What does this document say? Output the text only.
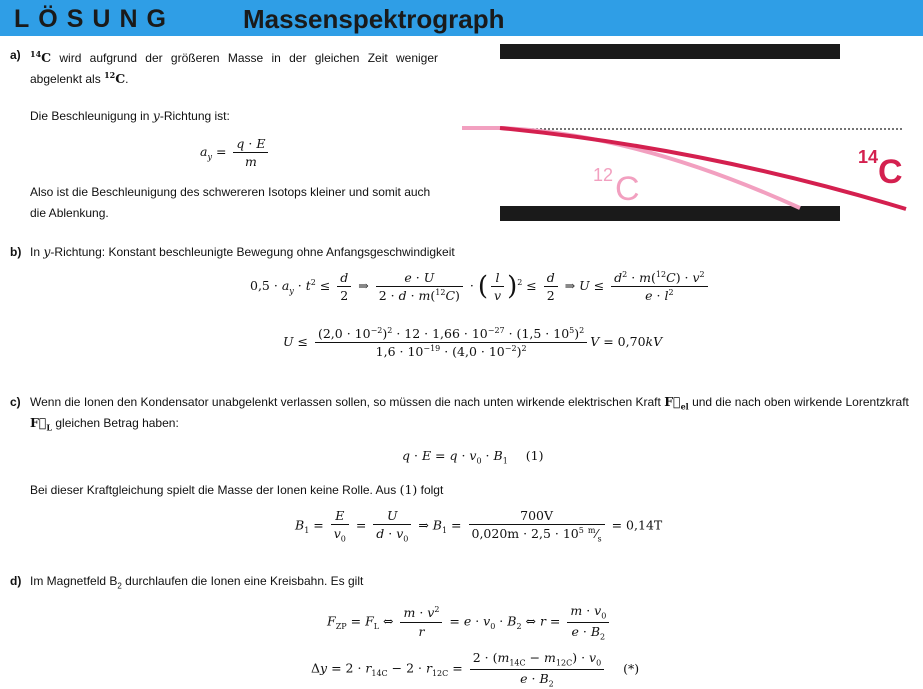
LÖSUNG	Massenspektrograph
a) $^{14}$C wird aufgrund der größeren Masse in der gleichen Zeit weniger
abgelenkt als $^{12}$C.
Die Beschleunigung in y-Richtung ist:
$a_y = \frac{q \cdot E}{m}$
Also ist die Beschleunigung des schwereren Isotops kleiner und somit auch
die Ablenkung.
12 C
14 C
b) In y-Richtung: Konstant beschleunigte Bewegung ohne Anfangsgeschwindigkeit
$0,5 \cdot a_y \cdot t^2 \le \frac{d}{2}$ ⇒ $\frac{e \cdot U}{2 \cdot d \cdot m(^{12}C)}$ · ( $\frac{l}{v} )^2 \le \frac{d}{2}$ ⇒ $U \le \frac{d^2 \cdot m(^{12}C) \cdot v^2}{e \cdot l^2}$
$U \le \frac{(2,0 \cdot 10^{-2})^2 \cdot 12 \cdot 1,66 \cdot 10^{-27} \cdot (1,5 \cdot 10^5)^2}{1,6 \cdot 10^{-19} \cdot (4,0 \cdot 10^{-2})^2}$ V = 0,70kV
c) Wenn die Ionen den Kondensator unabgelenkt verlassen sollen, so müssen die nach unten wirkende elektrischen Kraft $F⃗_{el}$ und die nach oben wirkende Lorentzkraft
$F⃗_L$ gleichen Betrag haben:
$q \cdot E = q \cdot v_0 \cdot B_1$ (1)
Bei dieser Kraftgleichung spielt die Masse der Ionen keine Rolle. Aus (1) folgt
$B_1 = \frac{E}{v_0} = \frac{U}{d \cdot v_0}$ ⇒ $B_1 = \frac{700V}{0,020m \cdot 2,5 \cdot 10^5 ^m⁄_s} = 0,14T$
d) Im Magnetfeld $B_2$ durchlaufen die Ionen eine Kreisbahn. Es gilt
$F_{ZP} = F_L$ ⇔ $\frac{m \cdot v^2}{r} = e \cdot v_0 \cdot B_2$ ⇔ $r = \frac{m \cdot v_0}{e \cdot B_2}$
$\Delta y = 2 \cdot r_{14C} - 2 \cdot r_{12C} = \frac{2 \cdot (m_{14C} - m_{12C}) \cdot v_0}{e \cdot B_2}$ (*)
